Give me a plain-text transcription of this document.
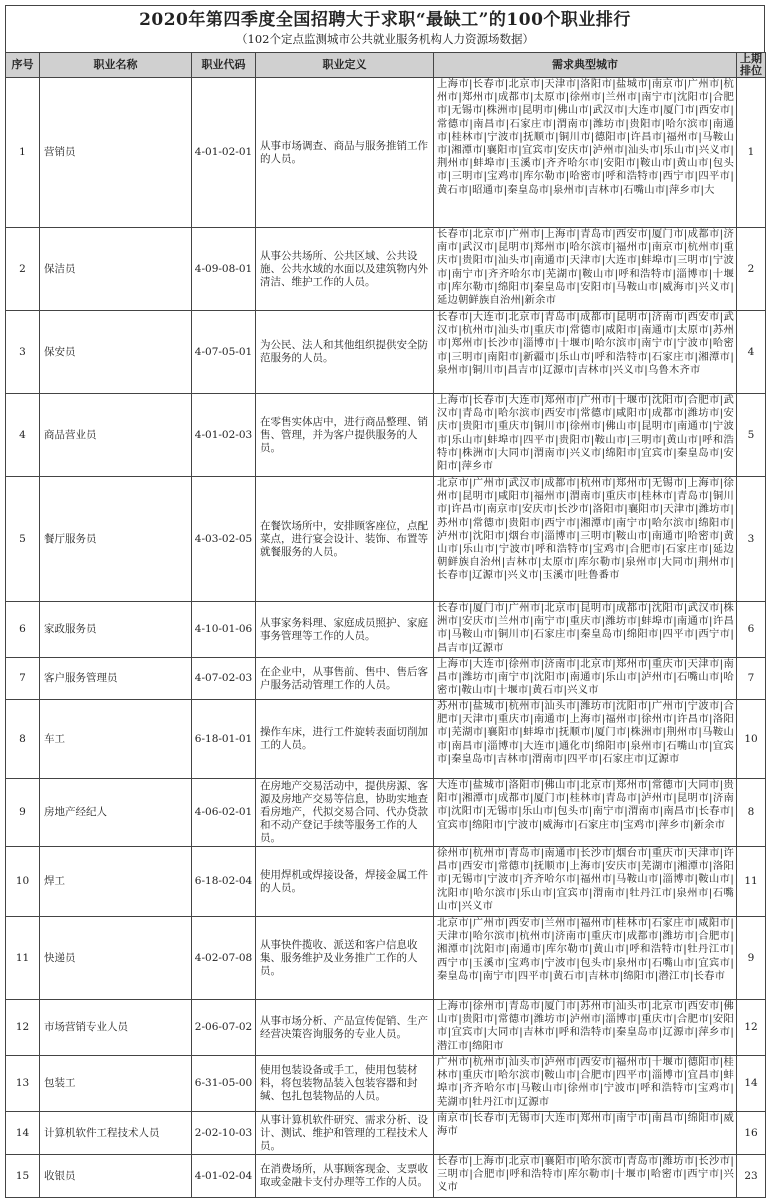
2020年第四季度全国招聘大于求职“最缺工”的100个职业排行
（102个定点监测城市公共就业服务机构人力资源场数据）
序号	职业名称	职业代码	职业定义	需求典型城市	上期排位
1	营销员	4-01-02-01	从事市场调查、商品与服务推销工作的人员。	上海市|长春市|北京市|天津市|洛阳市|盐城市|南京市|广州市|杭州市|郑州市|成都市|太原市|徐州市|兰州市|南宁市|沈阳市|合肥市|无锡市|株洲市|昆明市|佛山市|武汉市|大连市|厦门市|西安市|常德市|南昌市|石家庄市|渭南市|潍坊市|贵阳市|哈尔滨市|南通市|桂林市|宁波市|抚顺市|铜川市|德阳市|许昌市|福州市|马鞍山市|湘潭市|襄阳市|宜宾市|安庆市|泸州市|汕头市|乐山市|兴义市|荆州市|蚌埠市|玉溪市|齐齐哈尔市|安阳市|鞍山市|黄山市|包头市|三明市|宝鸡市|库尔勒市|哈密市|呼和浩特市|西宁市|四平市|黄石市|昭通市|秦皇岛市|泉州市|吉林市|石嘴山市|萍乡市|大	1
2	保洁员	4-09-08-01	从事公共场所、公共区域、公共设施、公共水域的水面以及建筑物内外清洁、维护工作的人员。	长春市|北京市|广州市|上海市|青岛市|西安市|厦门市|成都市|济南市|武汉市|昆明市|郑州市|哈尔滨市|福州市|南京市|杭州市|重庆市|贵阳市|汕头市|南通市|天津市|大连市|蚌埠市|三明市|宁波市|南宁市|齐齐哈尔市|芜湖市|鞍山市|呼和浩特市|淄博市|十堰市|库尔勒市|绵阳市|秦皇岛市|安阳市|马鞍山市|威海市|兴义市|延边朝鲜族自治州|新余市	2
3	保安员	4-07-05-01	为公民、法人和其他组织提供安全防范服务的人员。	长春市|大连市|北京市|青岛市|成都市|昆明市|济南市|西安市|武汉市|杭州市|汕头市|重庆市|常德市|咸阳市|南通市|太原市|苏州市|郑州市|长沙市|淄博市|十堰市|哈尔滨市|南宁市|宁波市|哈密市|三明市|南阳市|新疆市|乐山市|呼和浩特市|石家庄市|湘潭市|泉州市|铜川市|昌吉市|辽源市|吉林市|兴义市|乌鲁木齐市	4
4	商品营业员	4-01-02-03	在零售实体店中，进行商品整理、销售、管理，并为客户提供服务的人员。	上海市|长春市|大连市|郑州市|广州市|十堰市|沈阳市|合肥市|武汉市|青岛市|哈尔滨市|西安市|常德市|咸阳市|成都市|潍坊市|安庆市|贵阳市|重庆市|铜川市|徐州市|佛山市|昆明市|南通市|宁波市|乐山市|蚌埠市|四平市|贵阳市|鞍山市|三明市|黄山市|呼和浩特市|株洲市|大同市|渭南市|兴义市|绵阳市|宜宾市|秦皇岛市|安阳市|萍乡市	5
5	餐厅服务员	4-03-02-05	在餐饮场所中，安排顾客座位，点配菜点，进行宴会设计、装饰、布置等就餐服务的人员。	北京市|广州市|武汉市|成都市|杭州市|郑州市|无锡市|上海市|徐州市|昆明市|咸阳市|福州市|渭南市|重庆市|桂林市|青岛市|铜川市|许昌市|南京市|安庆市|长沙市|洛阳市|襄阳市|天津市|潍坊市|苏州市|常德市|贵阳市|西宁市|湘潭市|南宁市|哈尔滨市|绵阳市|泸州市|沈阳市|烟台市|淄博市|三明市|鞍山市|南通市|哈密市|黄山市|乐山市|宁波市|呼和浩特市|宝鸡市|合肥市|石家庄市|延边朝鲜族自治州|吉林市|太原市|库尔勒市|泉州市|大同市|荆州市|长春市|辽源市|兴义市|玉溪市|吐鲁番市	3
6	家政服务员	4-10-01-06	从事家务料理、家庭成员照护、家庭事务管理等工作的人员。	长春市|厦门市|广州市|北京市|昆明市|成都市|沈阳市|武汉市|株洲市|安庆市|兰州市|南宁市|重庆市|潍坊市|蚌埠市|南通市|许昌市|马鞍山市|铜川市|石家庄市|秦皇岛市|绵阳市|四平市|西宁市|昌吉市|辽源市	6
7	客户服务管理员	4-07-02-03	在企业中，从事售前、售中、售后客户服务活动管理工作的人员。	上海市|大连市|徐州市|济南市|北京市|郑州市|重庆市|天津市|南昌市|潍坊市|南宁市|沈阳市|南通市|乐山市|泸州市|石嘴山市|哈密市|鞍山市|十堰市|黄石市|兴义市	7
8	车工	6-18-01-01	操作车床，进行工件旋转表面切削加工的人员。	苏州市|盐城市|杭州市|汕头市|潍坊市|沈阳市|广州市|宁波市|合肥市|天津市|重庆市|南通市|上海市|福州市|徐州市|许昌市|洛阳市|芜湖市|襄阳市|蚌埠市|抚顺市|厦门市|株洲市|荆州市|马鞍山市|南昌市|淄博市|大连市|通化市|绵阳市|泉州市|石嘴山市|宜宾市|秦皇岛市|吉林市|渭南市|四平市|石家庄市|辽源市	10
9	房地产经纪人	4-06-02-01	在房地产交易活动中，提供房源、客源及房地产交易等信息，协助实地查看房地产，代拟交易合同、代办贷款和不动产登记手续等服务工作的人员。	大连市|盐城市|洛阳市|佛山市|北京市|郑州市|常德市|大同市|贵阳市|湘潭市|成都市|厦门市|桂林市|青岛市|泸州市|昆明市|济南市|沈阳市|无锡市|乐山市|包头市|南宁市|渭南市|南昌市|长春市|宜宾市|绵阳市|宁波市|威海市|石家庄市|宝鸡市|萍乡市|新余市	8
10	焊工	6-18-02-04	使用焊机或焊接设备，焊接金属工件的人员。	徐州市|杭州市|青岛市|南通市|长沙市|烟台市|重庆市|天津市|许昌市|西安市|常德市|抚顺市|上海市|安庆市|芜湖市|湘潭市|洛阳市|无锡市|宁波市|齐齐哈尔市|福州市|马鞍山市|淄博市|鞍山市|沈阳市|哈尔滨市|乐山市|宜宾市|渭南市|牡丹江市|泉州市|石嘴山市|兴义市	11
11	快递员	4-02-07-08	从事快件揽收、派送和客户信息收集、服务维护及业务推广工作的人员。	北京市|广州市|西安市|兰州市|福州市|桂林市|石家庄市|咸阳市|天津市|哈尔滨市|杭州市|济南市|重庆市|成都市|潍坊市|合肥市|湘潭市|沈阳市|南通市|库尔勒市|黄山市|呼和浩特市|牡丹江市|西宁市|玉溪市|宝鸡市|宁波市|包头市|泉州市|石嘴山市|宜宾市|秦皇岛市|南宁市|四平市|黄石市|吉林市|绵阳市|潜江市|长春市	9
12	市场营销专业人员	2-06-07-02	从事市场分析、产品宣传促销、生产经营决策咨询服务的专业人员。	上海市|徐州市|青岛市|厦门市|苏州市|汕头市|北京市|西安市|佛山市|贵阳市|常德市|潍坊市|泸州市|淄博市|重庆市|合肥市|安阳市|宜宾市|大同市|吉林市|呼和浩特市|秦皇岛市|辽源市|萍乡市|潜江市|绵阳市	12
13	包装工	6-31-05-00	使用包装设备或手工，使用包装材料，将包装物品装入包装容器和封缄、包扎包装物品的人员。	广州市|杭州市|汕头市|泸州市|西安市|福州市|十堰市|德阳市|桂林市|重庆市|哈尔滨市|鞍山市|合肥市|四平市|淄博市|宜昌市|蚌埠市|齐齐哈尔市|马鞍山市|徐州市|宁波市|呼和浩特市|宝鸡市|芜湖市|牡丹江市|辽源市	14
14	计算机软件工程技术人员	2-02-10-03	从事计算机软件研究、需求分析、设计、测试、维护和管理的工程技术人员。	南京市|长春市|无锡市|大连市|郑州市|南宁市|南昌市|绵阳市|威海市	16
15	收银员	4-01-02-04	在消费场所，从事顾客现金、支票收取或金融卡支付办理等工作的人员。	长春市|上海市|北京市|襄阳市|哈尔滨市|青岛市|潍坊市|长沙市|三明市|合肥市|呼和浩特市|库尔勒市|十堰市|哈密市|西宁市|兴义市	23
